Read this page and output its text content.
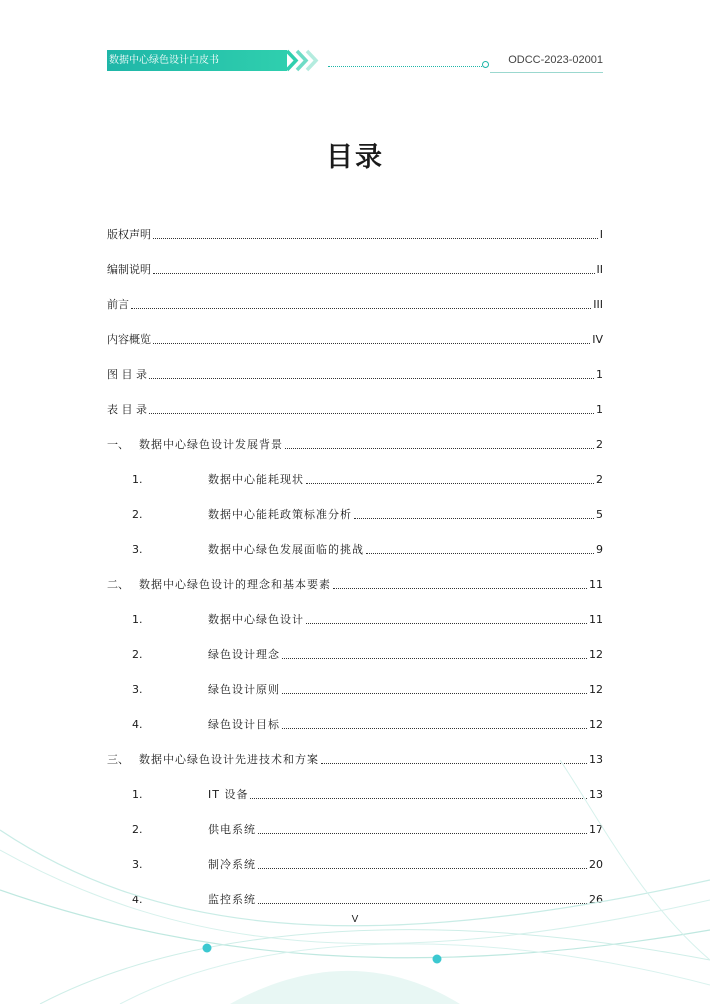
数据中心绿色设计白皮书	ODCC-2023-02001
目录
版权声明	I
编制说明	II
前言	III
内容概览	IV
图 目 录	1
表 目 录	1
一、 数据中心绿色设计发展背景	2
1.	数据中心能耗现状	2
2.	数据中心能耗政策标准分析	5
3.	数据中心绿色发展面临的挑战	9
二、 数据中心绿色设计的理念和基本要素	11
1.	数据中心绿色设计	11
2.	绿色设计理念	12
3.	绿色设计原则	12
4.	绿色设计目标	12
三、 数据中心绿色设计先进技术和方案	13
1.	IT 设备	13
2.	供电系统	17
3.	制冷系统	20
4.	监控系统	26
V
